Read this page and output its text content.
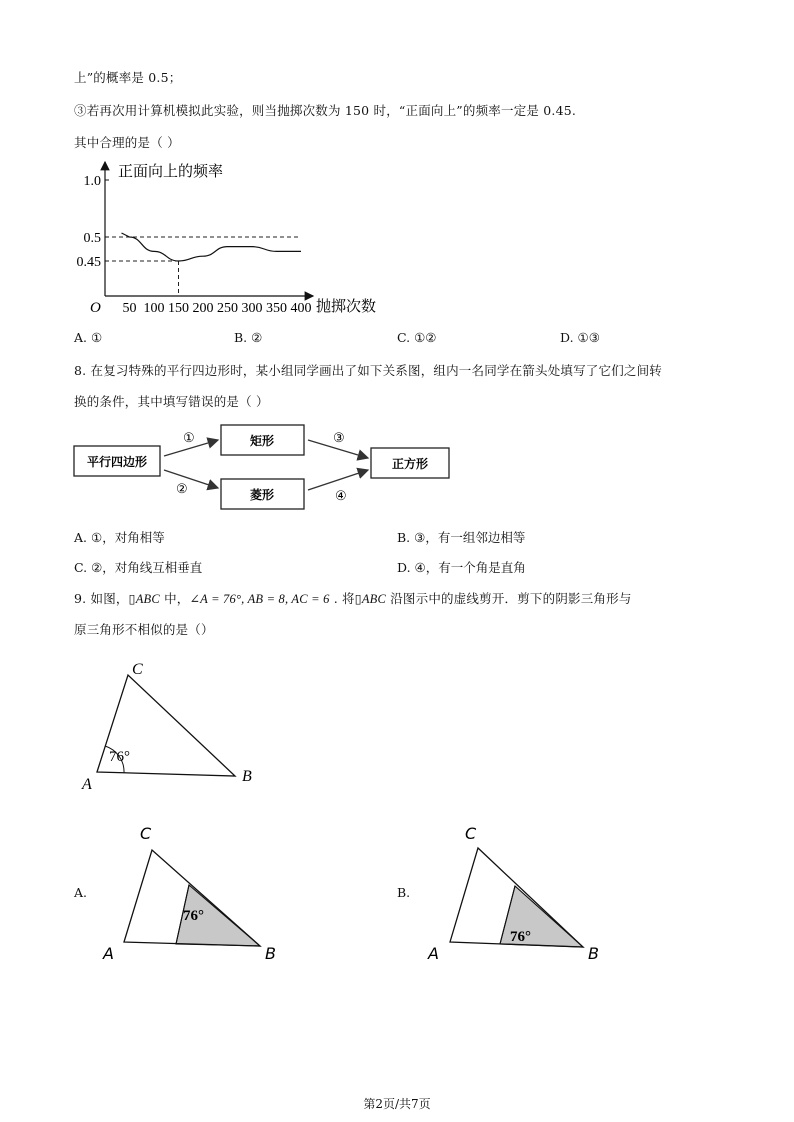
上”的概率是 0.5；
③若再次用计算机模拟此实验，则当抛掷次数为 150 时，“正面向上”的频率一定是 0.45.
其中合理的是（ ）
0.45
0.5
1.0
50 100 150 200 250 300 350 400
正面向上的频率
抛掷次数
O
A. ①	B. ②	C. ①②	D. ①③
8. 在复习特殊的平行四边形时，某小组同学画出了如下关系图，组内一名同学在箭头处填写了它们之间转
换的条件，其中填写错误的是（ ）
平行四边形
矩形
菱形
正方形
①
②
③
④
A. ①，对角相等	B. ③，有一组邻边相等
C. ②，对角线互相垂直	D. ④，有一个角是直角
9. 如图，▯ABC 中，∠A = 76°, AB = 8, AC = 6 . 将▯ABC 沿图示中的虚线剪开．剪下的阴影三角形与
原三角形不相似的是（）
76°
C
A	B
A.
76°
C
A	B
B.
76°
C
A	B
第2页/共7页
